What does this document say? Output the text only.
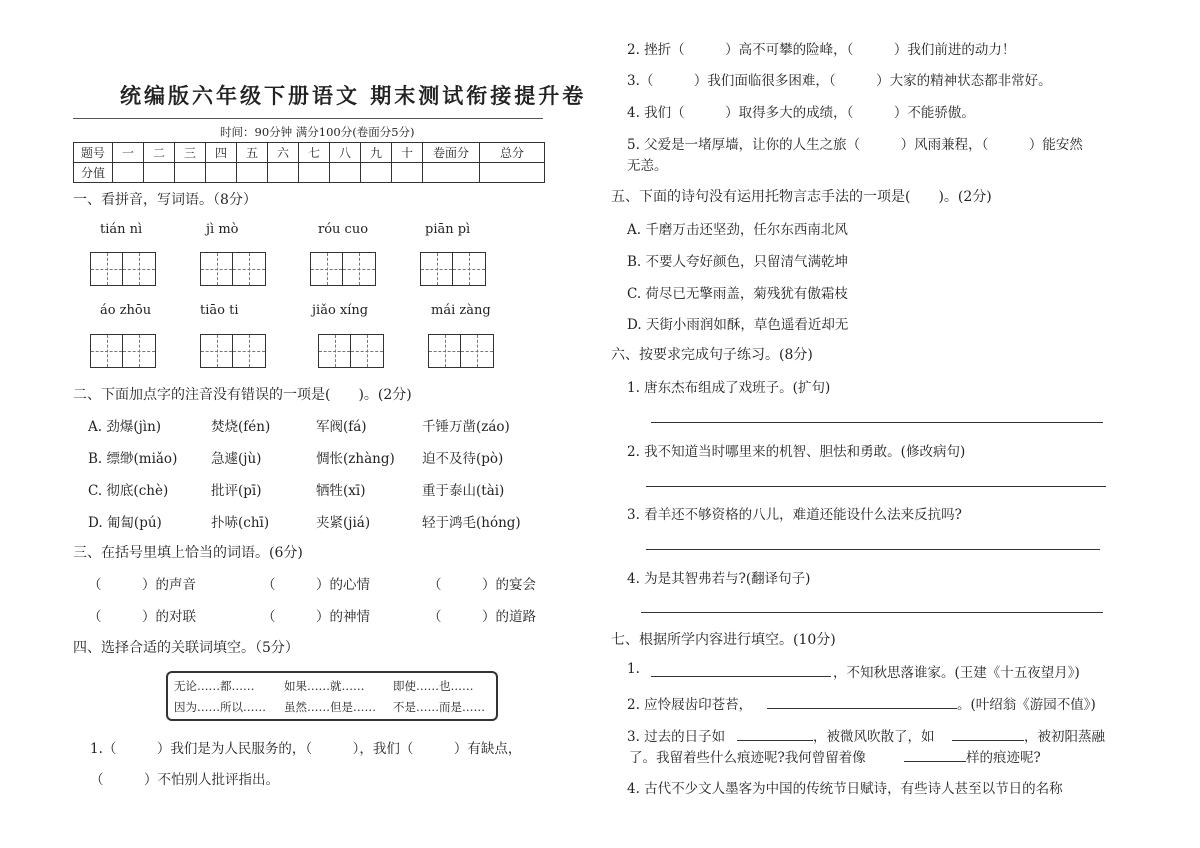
统编版六年级下册语文 期末测试衔接提升卷
时间：90分钟 满分100分(卷面分5分)
题号	一	二	三	四	五	六	七	八	九	十	卷面分	总分
分值												
一、看拼音，写词语。（8分）
tián nì	jì mò	róu cuo	piān pì
áo zhōu	tiāo ti	jiǎo xíng	mái zàng
二、下面加点字的注音没有错误的一项是(　　)。(2分)
A. 劲爆(jìn)	焚烧(fén)	军阀(fá)	千锤万凿(záo)
B. 缥缈(miǎo) 急遽(jù)	惆怅(zhàng) 迫不及待(pò)
C. 彻底(chè)	批评(pī)	牺牲(xī)	重于泰山(tài)
D. 匍匐(pú)	扑哧(chī)	夹紧(jiá)	轻于鸿毛(hóng)
三、在括号里填上恰当的词语。(6分)
（　　　）的声音	（　　　）的心情	（　　　）的宴会
（　　　）的对联	（　　　）的神情	（　　　）的道路
四、选择合适的关联词填空。（5分）
无论……都……	如果……就…… 即使……也……
因为……所以…… 虽然……但是…… 不是……而是……
1.（　　　）我们是为人民服务的，（　　　），我们（　　　）有缺点，
（　　　）不怕别人批评指出。
2. 挫折（　　　）高不可攀的险峰，（　　　）我们前进的动力！
3.（　　　）我们面临很多困难，（　　　）大家的精神状态都非常好。
4. 我们（　　　）取得多大的成绩，（　　　）不能骄傲。
5. 父爱是一堵厚墙，让你的人生之旅（　　　）风雨兼程，（　　　）能安然
无恙。
五、下面的诗句没有运用托物言志手法的一项是(　　)。(2分)
A. 千磨万击还坚劲，任尔东西南北风
B. 不要人夸好颜色，只留清气满乾坤
C. 荷尽已无擎雨盖，菊残犹有傲霜枝
D. 天街小雨润如酥，草色遥看近却无
六、按要求完成句子练习。(8分)
1. 唐东杰布组成了戏班子。(扩句)
2. 我不知道当时哪里来的机智、胆怯和勇敢。(修改病句)
3. 看羊还不够资格的八儿，难道还能设什么法来反抗吗?
4. 为是其智弗若与?(翻译句子)
七、根据所学内容进行填空。(10分)
1.	，不知秋思落谁家。(王建《十五夜望月》)
2. 应怜屐齿印苍苔，	。(叶绍翁《游园不值》)
3. 过去的日子如	，被微风吹散了，如	，被初阳蒸融
了。我留着些什么痕迹呢?我何曾留着像	样的痕迹呢?
4. 古代不少文人墨客为中国的传统节日赋诗，有些诗人甚至以节日的名称
